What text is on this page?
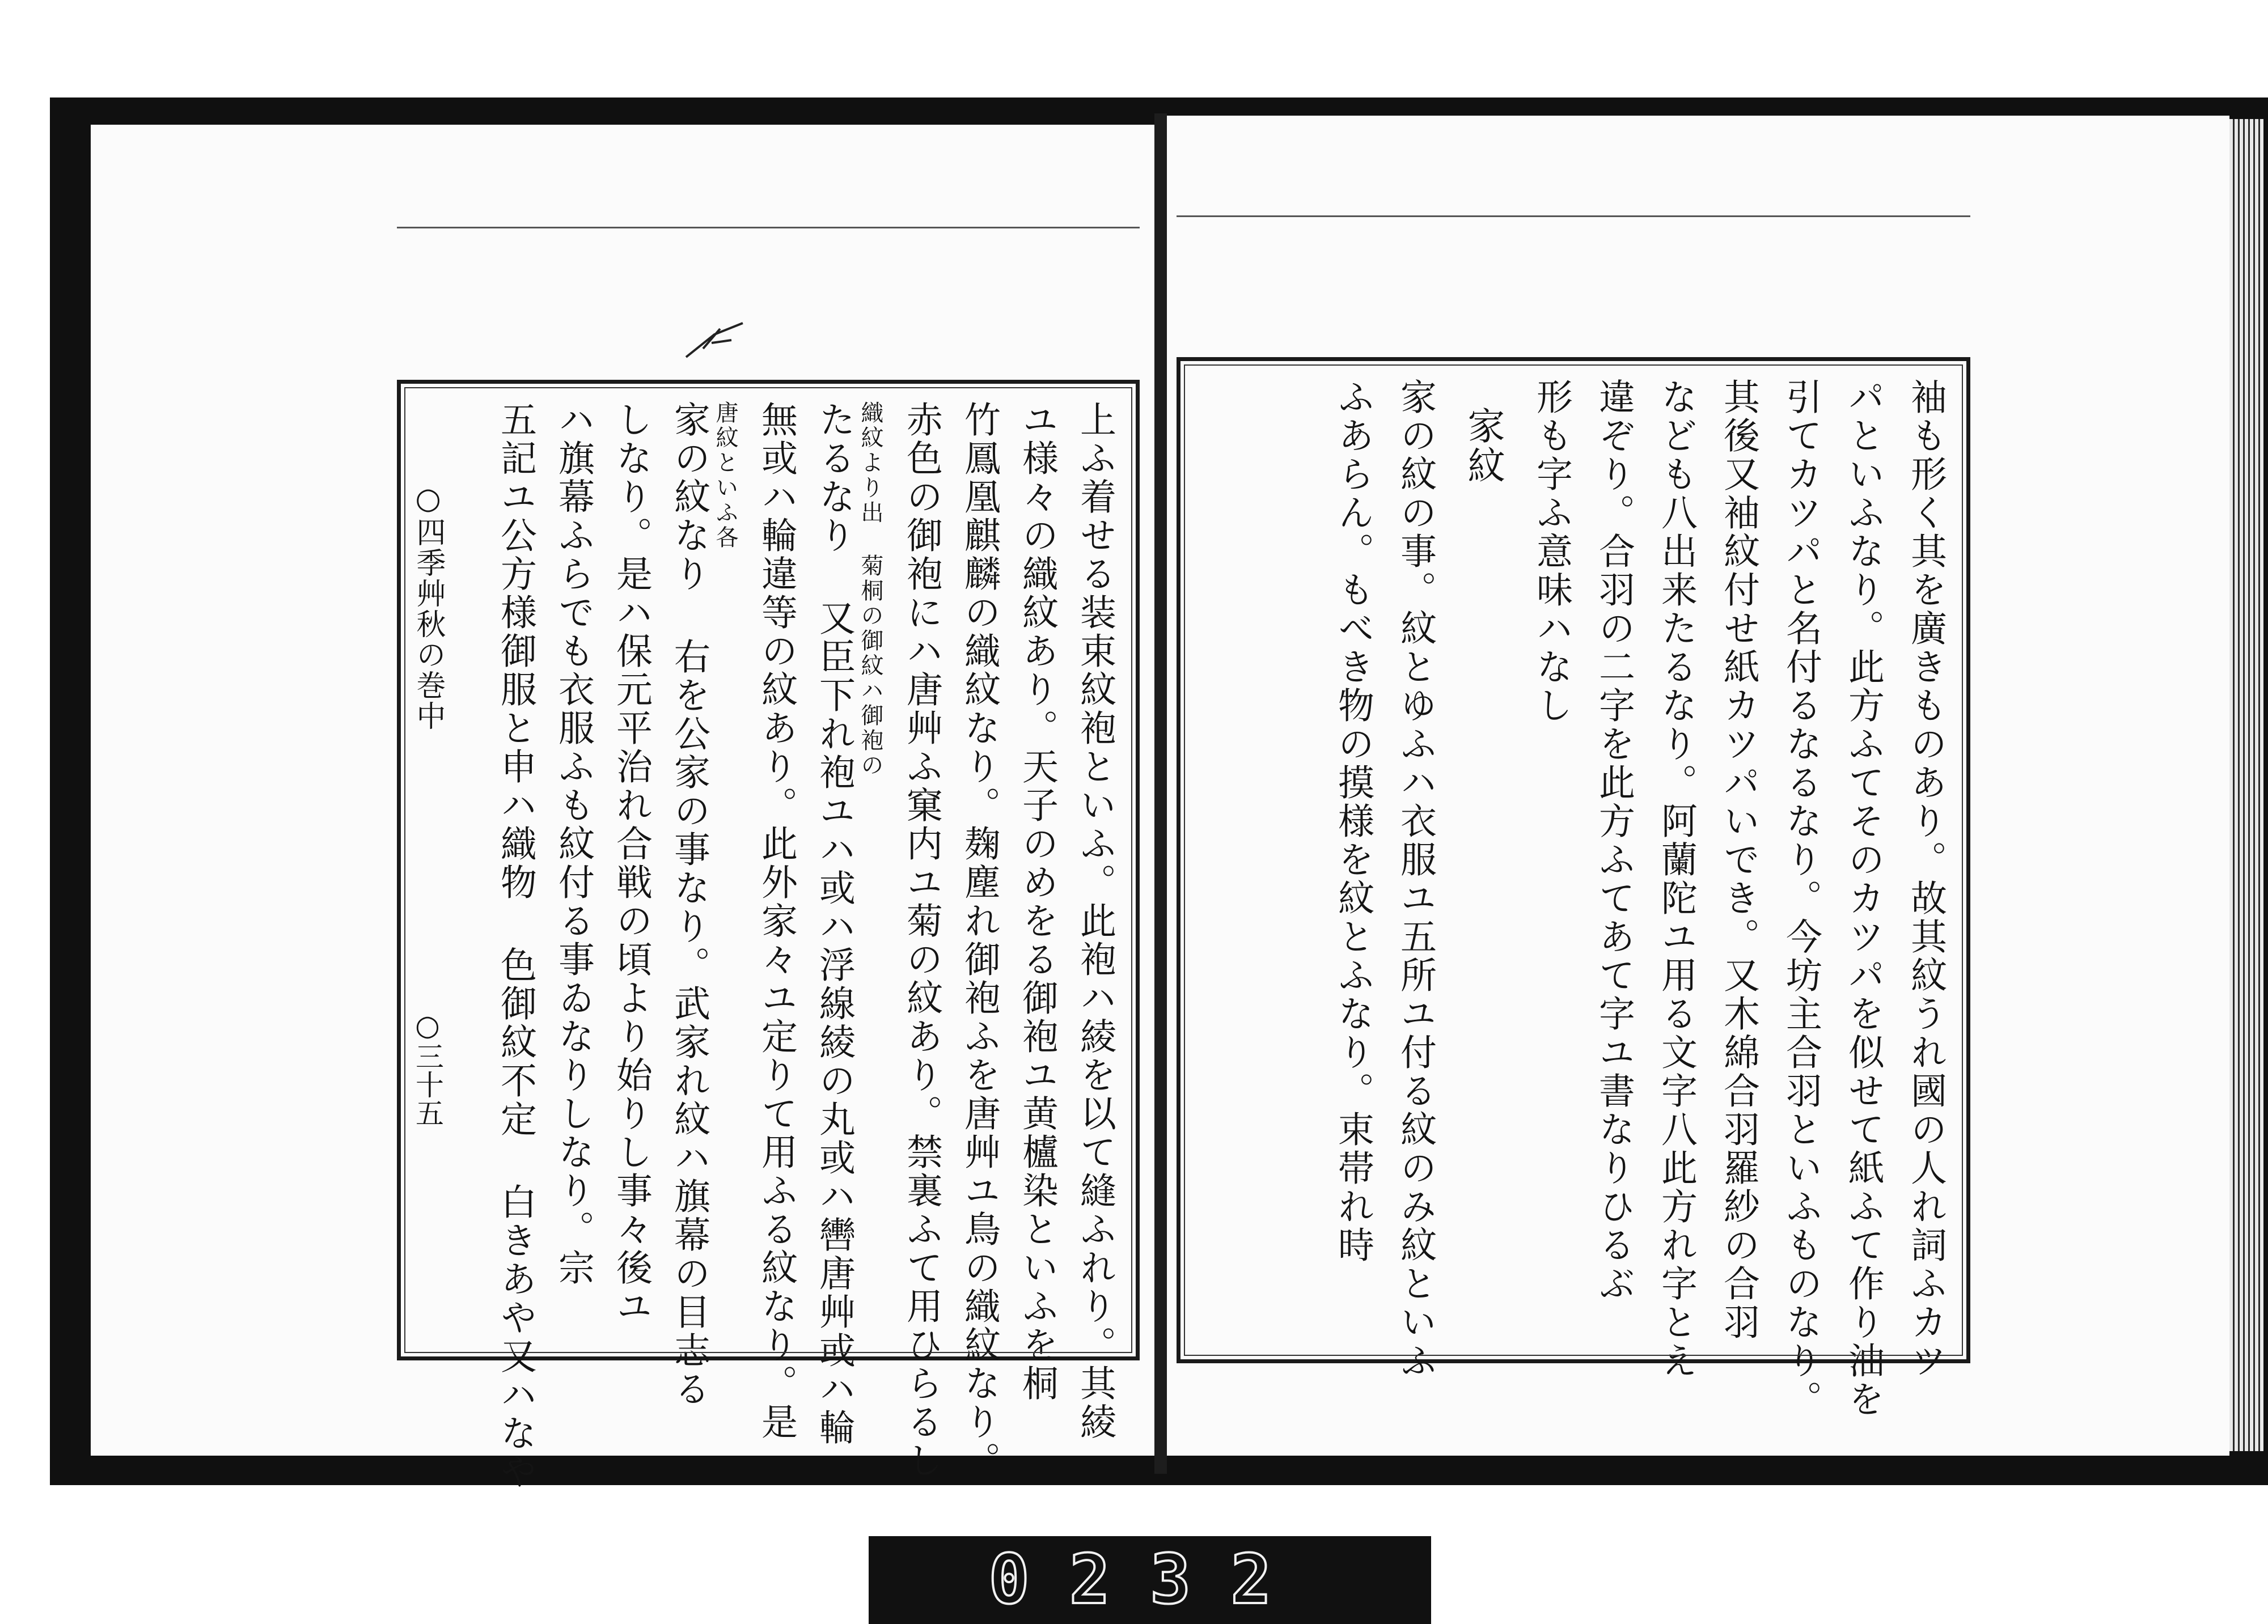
○四季艸秋の巻中
○三十五	袖も形く其を廣きものあり。故其紋うれ國の人れ詞ふカツ
パといふなり。此方ふてそのカツパを似せて紙ふて作り油を
引てカツパと名付るなるなり。今坊主合羽といふものなり。
其後又袖紋付せ紙カツパいでき。又木綿合羽羅紗の合羽
なども八出来たるなり。阿蘭陀ユ用る文字八此方れ字とえ
違ぞり。合羽の二字を此方ふてあて字ユ書なりひるぶ
形も字ふ意味ハなし
家紋
家の紋の事。紋とゆふハ衣服ユ五所ユ付る紋のみ紋といふ
ふあらん。もべき物の摸様を紋とふなり。束帯れ時
上ふ着せる装束紋袍といふ。此袍ハ綾を以て縫ふれり。其綾
ユ様々の織紋あり。天子のめをる御袍ユ黄櫨染といふを桐
竹鳳凰麒麟の織紋なり。麹塵れ御袍ふを唐艸ユ鳥の織紋なり。
赤色の御袍にハ唐艸ふ窠内ユ菊の紋あり。禁裏ふて用ひらるし
織紋より出 菊桐の御紋ハ御袍の
たるなり 又臣下れ袍ユハ或ハ浮線綾の丸或ハ轡唐艸或ハ輪
無或ハ輪違等の紋あり。此外家々ユ定りて用ふる紋なり。是
唐紋といふ各
家の紋なり 右を公家の事なり。武家れ紋ハ旗幕の目志る
しなり。是ハ保元平治れ合戦の頃より始りし事々後ユ
ハ旗幕ふらでも衣服ふも紋付る事ゐなりしなり。宗
五記ユ公方様御服と申ハ織物 色御紋不定 白きあや又ハなや
0232
